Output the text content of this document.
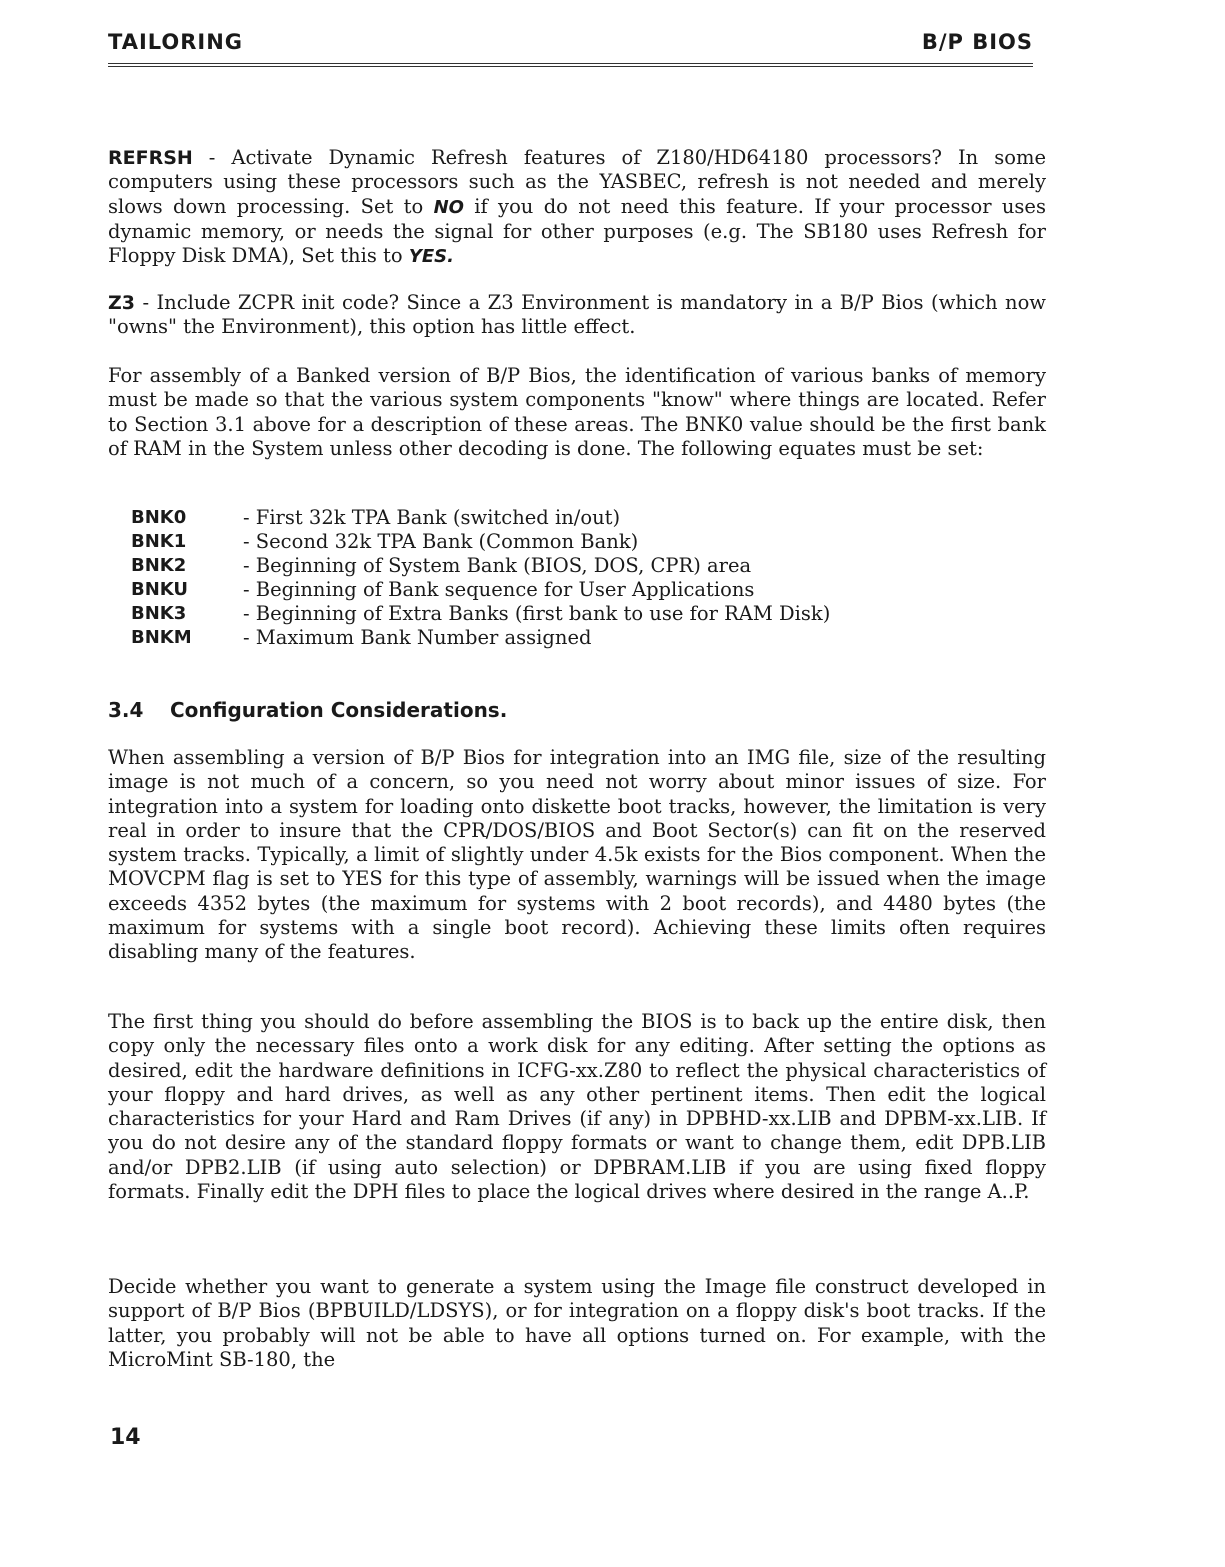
TAILORING	B/P BIOS
REFRSH - Activate Dynamic Refresh features of Z180/HD64180 processors? In some computers using these processors such as the YASBEC, refresh is not needed and merely slows down processing. Set to NO if you do not need this feature. If your processor uses dynamic memory, or needs the signal for other purposes (e.g. The SB180 uses Refresh for Floppy Disk DMA), Set this to YES.
Z3 - Include ZCPR init code? Since a Z3 Environment is mandatory in a B/P Bios (which now "owns" the Environment), this option has little effect.
For assembly of a Banked version of B/P Bios, the identification of various banks of memory must be made so that the various system components "know" where things are located. Refer to Section 3.1 above for a description of these areas. The BNK0 value should be the first bank of RAM in the System unless other decoding is done. The following equates must be set:
BNK0	- First 32k TPA Bank (switched in/out)
BNK1	- Second 32k TPA Bank (Common Bank)
BNK2	- Beginning of System Bank (BIOS, DOS, CPR) area
BNKU	- Beginning of Bank sequence for User Applications
BNK3	- Beginning of Extra Banks (first bank to use for RAM Disk)
BNKM	- Maximum Bank Number assigned
3.4 Configuration Considerations.
When assembling a version of B/P Bios for integration into an IMG file, size of the resulting image is not much of a concern, so you need not worry about minor issues of size. For integration into a system for loading onto diskette boot tracks, however, the limitation is very real in order to insure that the CPR/DOS/BIOS and Boot Sector(s) can fit on the reserved system tracks. Typically, a limit of slightly under 4.5k exists for the Bios component. When the MOVCPM flag is set to YES for this type of assembly, warnings will be issued when the image exceeds 4352 bytes (the maximum for systems with 2 boot records), and 4480 bytes (the maximum for systems with a single boot record). Achieving these limits often requires disabling many of the features.
The first thing you should do before assembling the BIOS is to back up the entire disk, then copy only the necessary files onto a work disk for any editing. After setting the options as desired, edit the hardware definitions in ICFG-xx.Z80 to reflect the physical characteristics of your floppy and hard drives, as well as any other pertinent items. Then edit the logical characteristics for your Hard and Ram Drives (if any) in DPBHD-xx.LIB and DPBM-xx.LIB. If you do not desire any of the standard floppy formats or want to change them, edit DPB.LIB and/or DPB2.LIB (if using auto selection) or DPBRAM.LIB if you are using fixed floppy formats. Finally edit the DPH files to place the logical drives where desired in the range A..P.
Decide whether you want to generate a system using the Image file construct developed in support of B/P Bios (BPBUILD/LDSYS), or for integration on a floppy disk's boot tracks. If the latter, you probably will not be able to have all options turned on. For example, with the MicroMint SB-180, the
14
